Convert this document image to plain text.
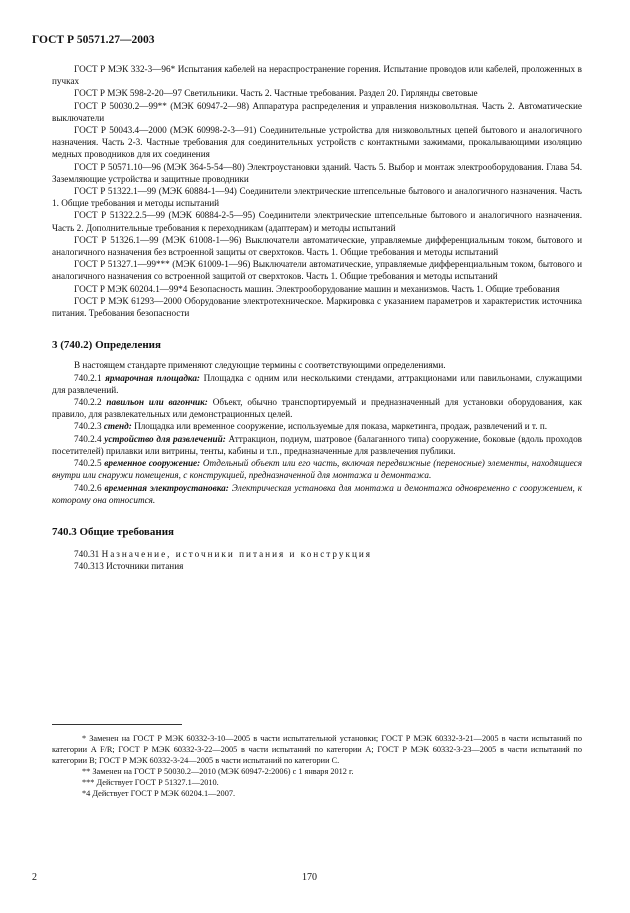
ГОСТ Р 50571.27—2003

ГОСТ Р МЭК 332-3—96* Испытания кабелей на нераспространение горения. Испытание проводов или кабелей, проложенных в пучках

ГОСТ Р МЭК 598-2-20—97 Светильники. Часть 2. Частные требования. Раздел 20. Гирлянды световые

ГОСТ Р 50030.2—99** (МЭК 60947-2—98) Аппаратура распределения и управления низковольтная. Часть 2. Автоматические выключатели

ГОСТ Р 50043.4—2000 (МЭК 60998-2-3—91) Соединительные устройства для низковольтных цепей бытового и аналогичного назначения. Часть 2-3. Частные требования для соединительных устройств с контактными зажимами, прокалывающими изоляцию медных проводников для их соединения

ГОСТ Р 50571.10—96 (МЭК 364-5-54—80) Электроустановки зданий. Часть 5. Выбор и монтаж электрооборудования. Глава 54. Заземляющие устройства и защитные проводники

ГОСТ Р 51322.1—99 (МЭК 60884-1—94) Соединители электрические штепсельные бытового и аналогичного назначения. Часть 1. Общие требования и методы испытаний

ГОСТ Р 51322.2.5—99 (МЭК 60884-2-5—95) Соединители электрические штепсельные бытового и аналогичного назначения. Часть 2. Дополнительные требования к переходникам (адаптерам) и методы испытаний

ГОСТ Р 51326.1—99 (МЭК 61008-1—96) Выключатели автоматические, управляемые дифференциальным током, бытового и аналогичного назначения без встроенной защиты от сверхтоков. Часть 1. Общие требования и методы испытаний

ГОСТ Р 51327.1—99*** (МЭК 61009-1—96) Выключатели автоматические, управляемые дифференциальным током, бытового и аналогичного назначения со встроенной защитой от сверхтоков. Часть 1. Общие требования и методы испытаний

ГОСТ Р МЭК 60204.1—99*4 Безопасность машин. Электрооборудование машин и механизмов. Часть 1. Общие требования

ГОСТ Р МЭК 61293—2000 Оборудование электротехническое. Маркировка с указанием параметров и характеристик источника питания. Требования безопасности

3 (740.2) Определения

В настоящем стандарте применяют следующие термины с соответствующими определениями.

740.2.1 ярмарочная площадка: Площадка с одним или несколькими стендами, аттракционами или павильонами, служащими для развлечений.

740.2.2 павильон или вагончик: Объект, обычно транспортируемый и предназначенный для установки оборудования, как правило, для развлекательных или демонстрационных целей.

740.2.3 стенд: Площадка или временное сооружение, используемые для показа, маркетинга, продаж, развлечений и т. п.

740.2.4 устройство для развлечений: Аттракцион, подиум, шатровое (балаганного типа) сооружение, боковые (вдоль проходов посетителей) прилавки или витрины, тенты, кабины и т.п., предназначенные для развлечения публики.

740.2.5 временное сооружение: Отдельный объект или его часть, включая передвижные (переносные) элементы, находящиеся внутри или снаружи помещения, с конструкцией, предназначенной для монтажа и демонтажа.

740.2.6 временная электроустановка: Электрическая установка для монтажа и демонтажа одновременно с сооружением, к которому она относится.

740.3 Общие требования

740.31 Назначение, источники питания и конструкция

740.313 Источники питания

* Заменен на ГОСТ Р МЭК 60332-3-10—2005 в части испытательной установки; ГОСТ Р МЭК 60332-3-21—2005 в части испытаний по категории A F/R; ГОСТ Р МЭК 60332-3-22—2005 в части испытаний по категории A; ГОСТ Р МЭК 60332-3-23—2005 в части испытаний по категории B; ГОСТ Р МЭК 60332-3-24—2005 в части испытаний по категории C.

** Заменен на ГОСТ Р 50030.2—2010 (МЭК 60947-2:2006) с 1 января 2012 г.

*** Действует ГОСТ Р 51327.1—2010.

*4 Действует ГОСТ Р МЭК 60204.1—2007.

2	170
